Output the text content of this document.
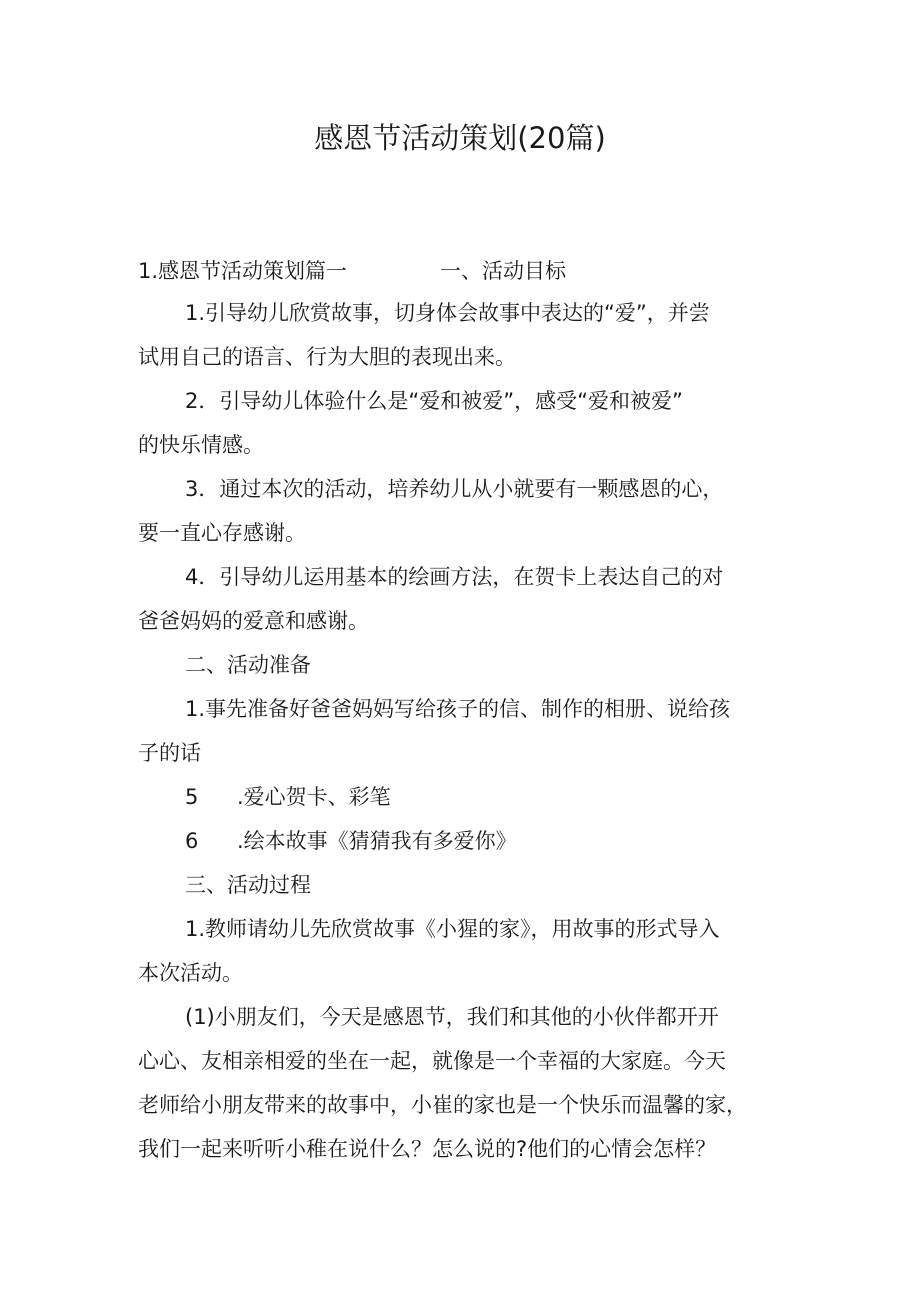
感恩节活动策划(20篇)
1.感恩节活动策划篇一	一、活动目标
1.引导幼儿欣赏故事，切身体会故事中表达的“爱”，并尝
试用自己的语言、行为大胆的表现出来。
2．引导幼儿体验什么是“爱和被爱”，感受“爱和被爱”
的快乐情感。
3．通过本次的活动，培养幼儿从小就要有一颗感恩的心，
要一直心存感谢。
4．引导幼儿运用基本的绘画方法，在贺卡上表达自己的对
爸爸妈妈的爱意和感谢。
二、活动准备
1.事先准备好爸爸妈妈写给孩子的信、制作的相册、说给孩
子的话
5 .爱心贺卡、彩笔
6 .绘本故事《猜猜我有多爱你》
三、活动过程
1.教师请幼儿先欣赏故事《小猩的家》，用故事的形式导入
本次活动。
(1)小朋友们，今天是感恩节，我们和其他的小伙伴都开开
心心、友相亲相爱的坐在一起，就像是一个幸福的大家庭。今天
老师给小朋友带来的故事中，小崔的家也是一个快乐而温馨的家，
我们一起来听听小稚在说什么？怎么说的?他们的心情会怎样？
